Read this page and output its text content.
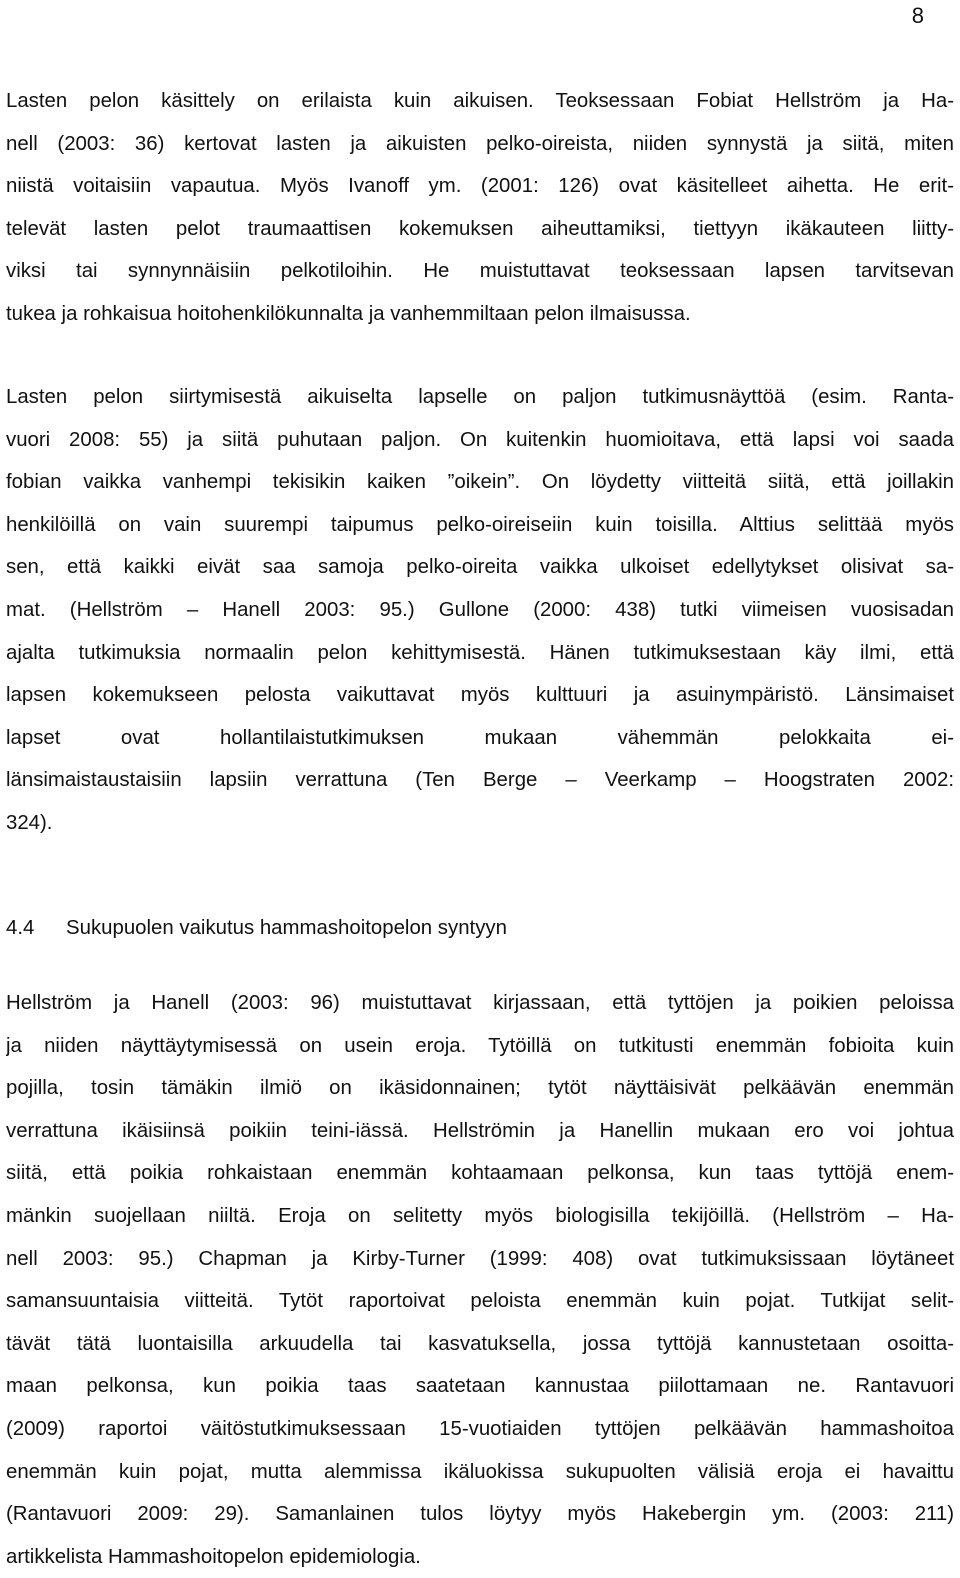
8
Lasten pelon käsittely on erilaista kuin aikuisen. Teoksessaan Fobiat Hellström ja Ha-
nell (2003: 36) kertovat lasten ja aikuisten pelko-oireista, niiden synnystä ja siitä, miten
niistä voitaisiin vapautua. Myös Ivanoff ym. (2001: 126) ovat käsitelleet aihetta. He erit-
televät lasten pelot traumaattisen kokemuksen aiheuttamiksi, tiettyyn ikäkauteen liitty-
viksi tai synnynnäisiin pelkotiloihin. He muistuttavat teoksessaan lapsen tarvitsevan
tukea ja rohkaisua hoitohenkilökunnalta ja vanhemmiltaan pelon ilmaisussa.
Lasten pelon siirtymisestä aikuiselta lapselle on paljon tutkimusnäyttöä (esim. Ranta-
vuori 2008: 55) ja siitä puhutaan paljon. On kuitenkin huomioitava, että lapsi voi saada
fobian vaikka vanhempi tekisikin kaiken ”oikein”. On löydetty viitteitä siitä, että joillakin
henkilöillä on vain suurempi taipumus pelko-oireiseiin kuin toisilla. Alttius selittää myös
sen, että kaikki eivät saa samoja pelko-oireita vaikka ulkoiset edellytykset olisivat sa-
mat. (Hellström – Hanell 2003: 95.) Gullone (2000: 438) tutki viimeisen vuosisadan
ajalta tutkimuksia normaalin pelon kehittymisestä. Hänen tutkimuksestaan käy ilmi, että
lapsen kokemukseen pelosta vaikuttavat myös kulttuuri ja asuinympäristö. Länsimaiset
lapset ovat hollantilaistutkimuksen mukaan vähemmän pelokkaita ei-
länsimaistaustaisiin lapsiin verrattuna (Ten Berge – Veerkamp – Hoogstraten 2002:
324).
4.4 Sukupuolen vaikutus hammashoitopelon syntyyn
Hellström ja Hanell (2003: 96) muistuttavat kirjassaan, että tyttöjen ja poikien peloissa
ja niiden näyttäytymisessä on usein eroja. Tytöillä on tutkitusti enemmän fobioita kuin
pojilla, tosin tämäkin ilmiö on ikäsidonnainen; tytöt näyttäisivät pelkäävän enemmän
verrattuna ikäisiinsä poikiin teini-iässä. Hellströmin ja Hanellin mukaan ero voi johtua
siitä, että poikia rohkaistaan enemmän kohtaamaan pelkonsa, kun taas tyttöjä enem-
mänkin suojellaan niiltä. Eroja on selitetty myös biologisilla tekijöillä. (Hellström – Ha-
nell 2003: 95.) Chapman ja Kirby-Turner (1999: 408) ovat tutkimuksissaan löytäneet
samansuuntaisia viitteitä. Tytöt raportoivat peloista enemmän kuin pojat. Tutkijat selit-
tävät tätä luontaisilla arkuudella tai kasvatuksella, jossa tyttöjä kannustetaan osoitta-
maan pelkonsa, kun poikia taas saatetaan kannustaa piilottamaan ne. Rantavuori
(2009) raportoi väitöstutkimuksessaan 15-vuotiaiden tyttöjen pelkäävän hammashoitoa
enemmän kuin pojat, mutta alemmissa ikäluokissa sukupuolten välisiä eroja ei havaittu
(Rantavuori 2009: 29). Samanlainen tulos löytyy myös Hakebergin ym. (2003: 211)
artikkelista Hammashoitopelon epidemiologia.
